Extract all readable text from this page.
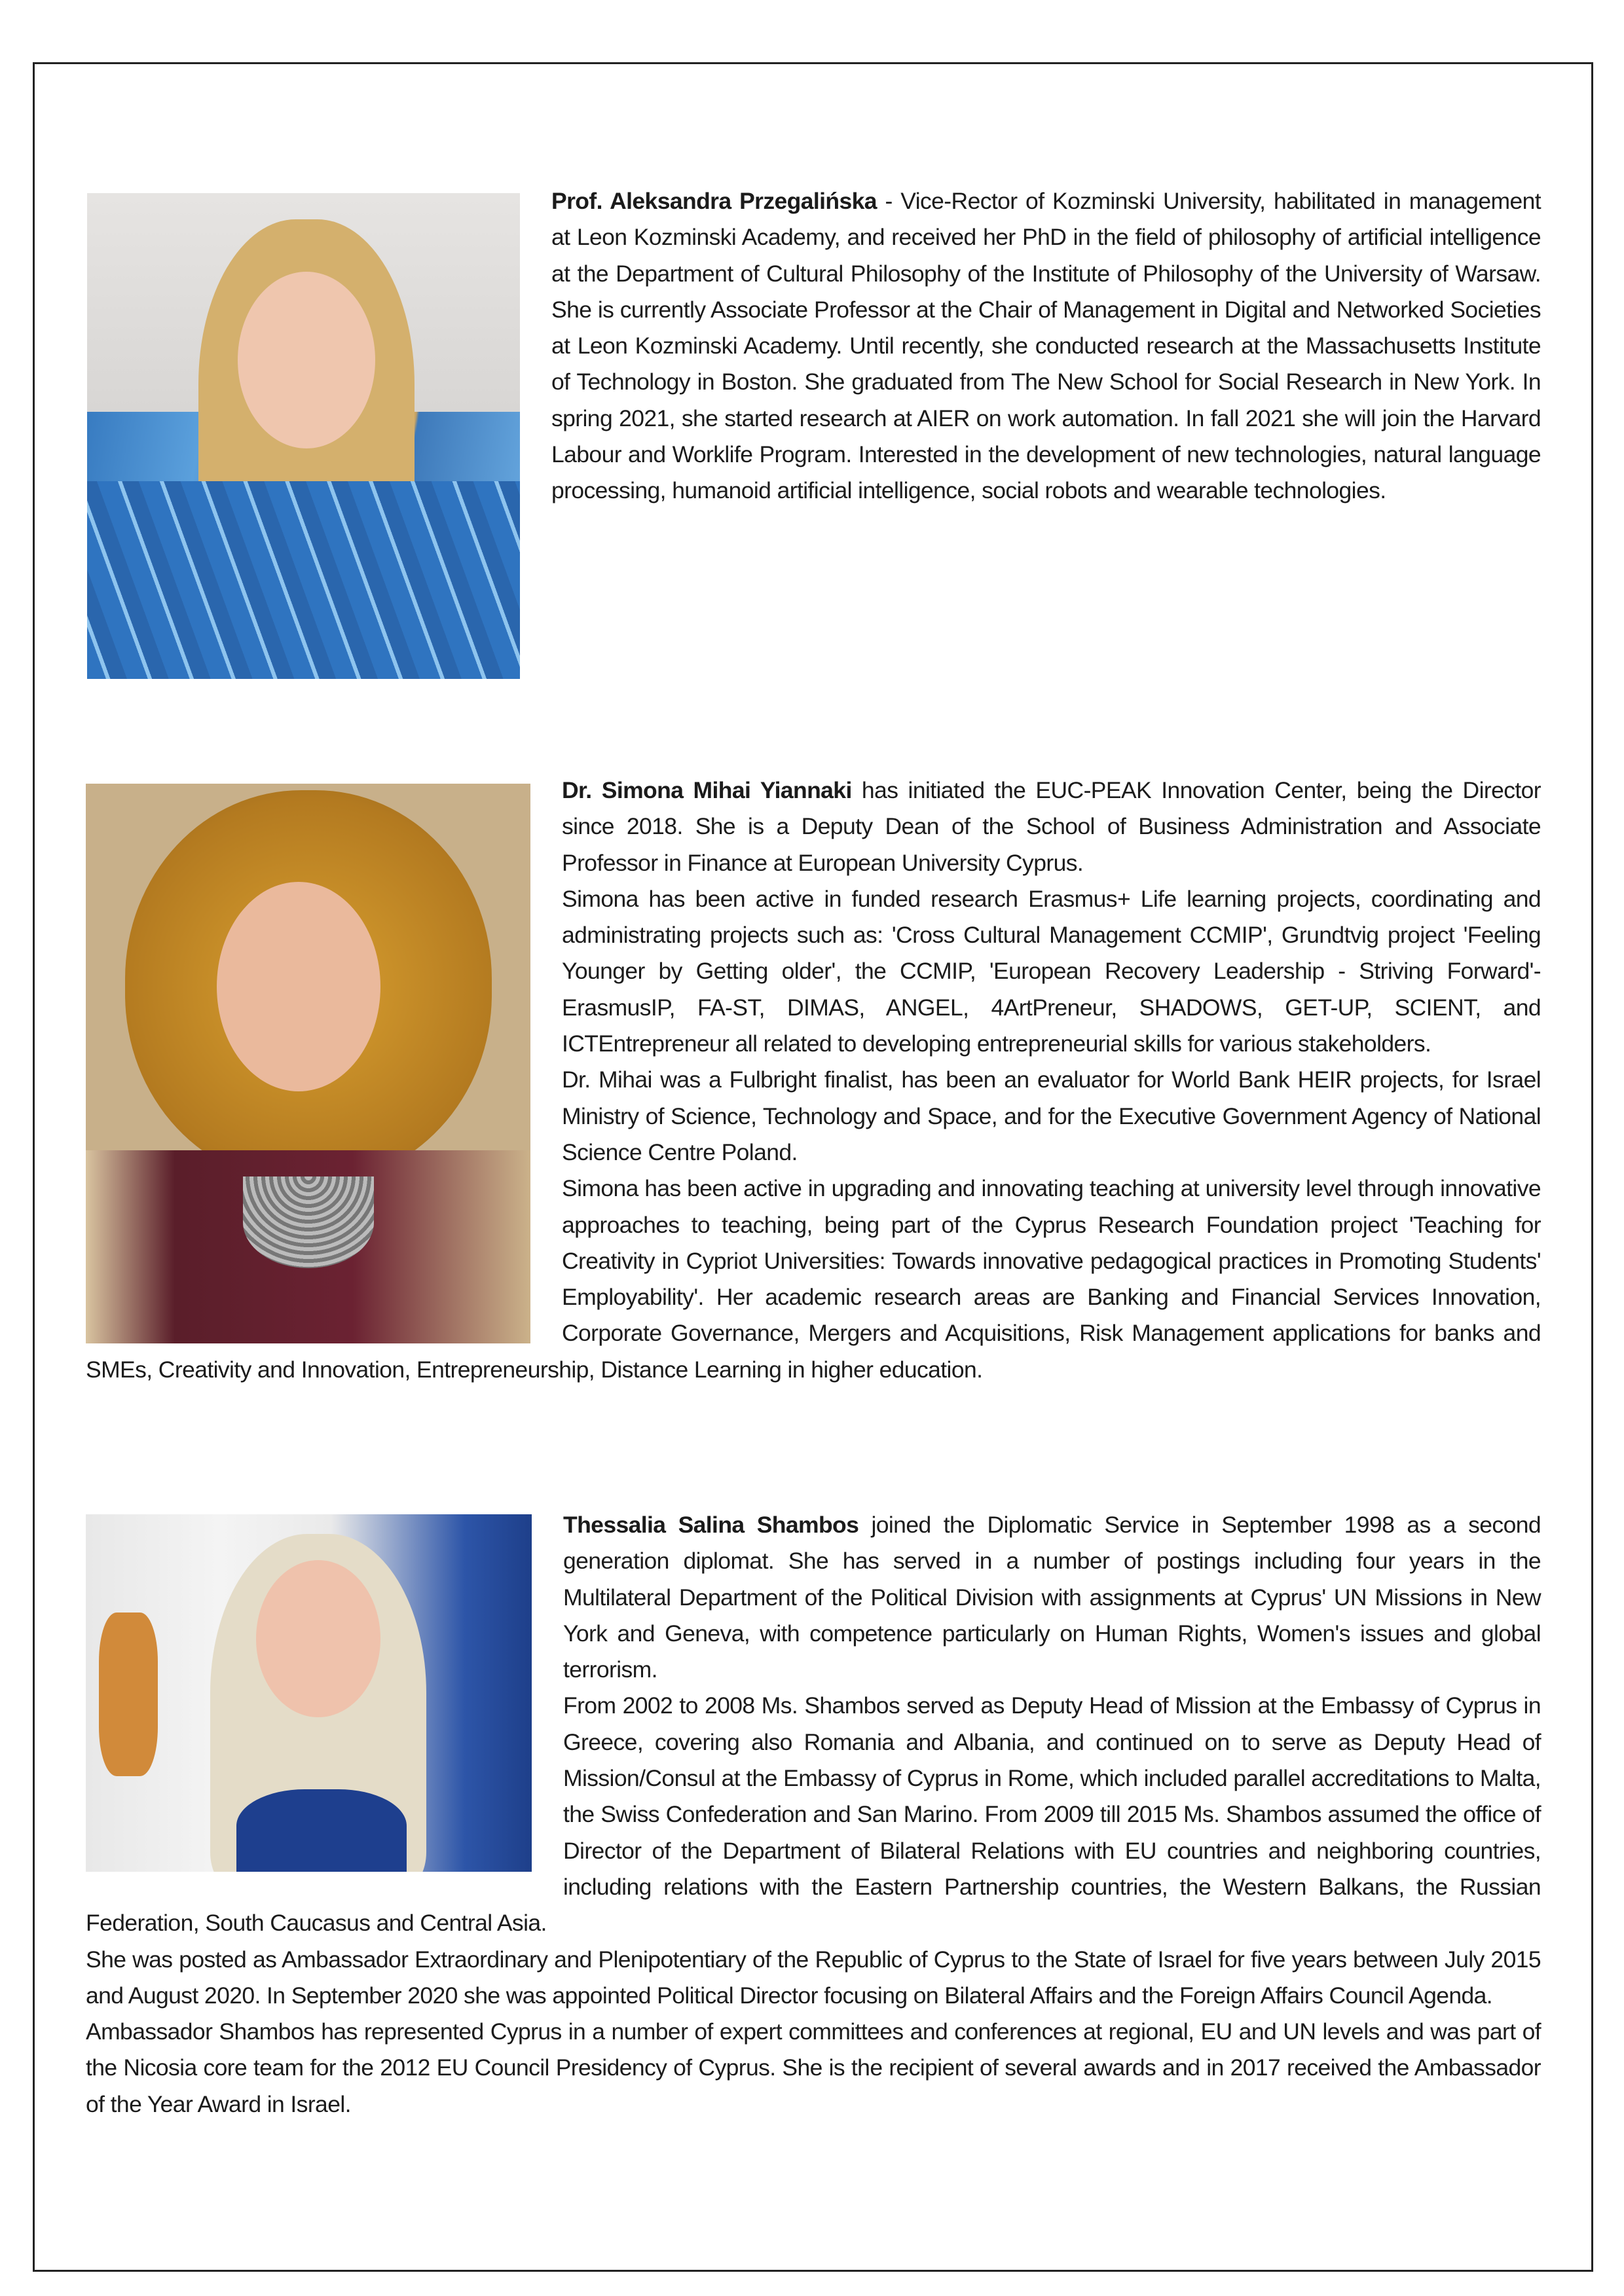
Prof. Aleksandra Przegalińska - Vice-Rector of Kozminski University, habilitated in management at Leon Kozminski Academy, and received her PhD in the field of philosophy of artificial intelligence at the Department of Cultural Philosophy of the Institute of Philosophy of the University of Warsaw. She is currently Associate Professor at the Chair of Management in Digital and Networked Societies at Leon Kozminski Academy. Until recently, she conducted research at the Massachusetts Institute of Technology in Boston. She graduated from The New School for Social Research in New York. In spring 2021, she started research at AIER on work automation. In fall 2021 she will join the Harvard Labour and Worklife Program. Interested in the development of new technologies, natural language processing, humanoid artificial intelligence, social robots and wearable technologies.

Dr. Simona Mihai Yiannaki has initiated the EUC-PEAK Innovation Center, being the Director since 2018. She is a Deputy Dean of the School of Business Administration and Associate Professor in Finance at European University Cyprus.

Simona has been active in funded research Erasmus+ Life learning projects, coordinating and administrating projects such as: 'Cross Cultural Management CCMIP', Grundtvig project 'Feeling Younger by Getting older', the CCMIP, 'European Recovery Leadership - Striving Forward'-ErasmusIP, FA-ST, DIMAS, ANGEL, 4ArtPreneur, SHADOWS, GET-UP, SCIENT, and ICTEntrepreneur all related to developing entrepreneurial skills for various stakeholders.

Dr. Mihai was a Fulbright finalist, has been an evaluator for World Bank HEIR projects, for Israel Ministry of Science, Technology and Space, and for the Executive Government Agency of National Science Centre Poland.

Simona has been active in upgrading and innovating teaching at university level through innovative approaches to teaching, being part of the Cyprus Research Foundation project 'Teaching for Creativity in Cypriot Universities: Towards innovative pedagogical practices in Promoting Students' Employability'. Her academic research areas are Banking and Financial Services Innovation, Corporate Governance, Mergers and Acquisitions, Risk Management applications for banks and SMEs, Creativity and Innovation, Entrepreneurship, Distance Learning in higher education.

Thessalia Salina Shambos joined the Diplomatic Service in September 1998 as a second generation diplomat. She has served in a number of postings including four years in the Multilateral Department of the Political Division with assignments at Cyprus' UN Missions in New York and Geneva, with competence particularly on Human Rights, Women's issues and global terrorism.

From 2002 to 2008 Ms. Shambos served as Deputy Head of Mission at the Embassy of Cyprus in Greece, covering also Romania and Albania, and continued on to serve as Deputy Head of Mission/Consul at the Embassy of Cyprus in Rome, which included parallel accreditations to Malta, the Swiss Confederation and San Marino. From 2009 till 2015 Ms. Shambos assumed the office of Director of the Department of Bilateral Relations with EU countries and neighboring countries, including relations with the Eastern Partnership countries, the Western Balkans, the Russian Federation, South Caucasus and Central Asia.

She was posted as Ambassador Extraordinary and Plenipotentiary of the Republic of Cyprus to the State of Israel for five years between July 2015 and August 2020. In September 2020 she was appointed Political Director focusing on Bilateral Affairs and the Foreign Affairs Council Agenda.

Ambassador Shambos has represented Cyprus in a number of expert committees and conferences at regional, EU and UN levels and was part of the Nicosia core team for the 2012 EU Council Presidency of Cyprus. She is the recipient of several awards and in 2017 received the Ambassador of the Year Award in Israel.
